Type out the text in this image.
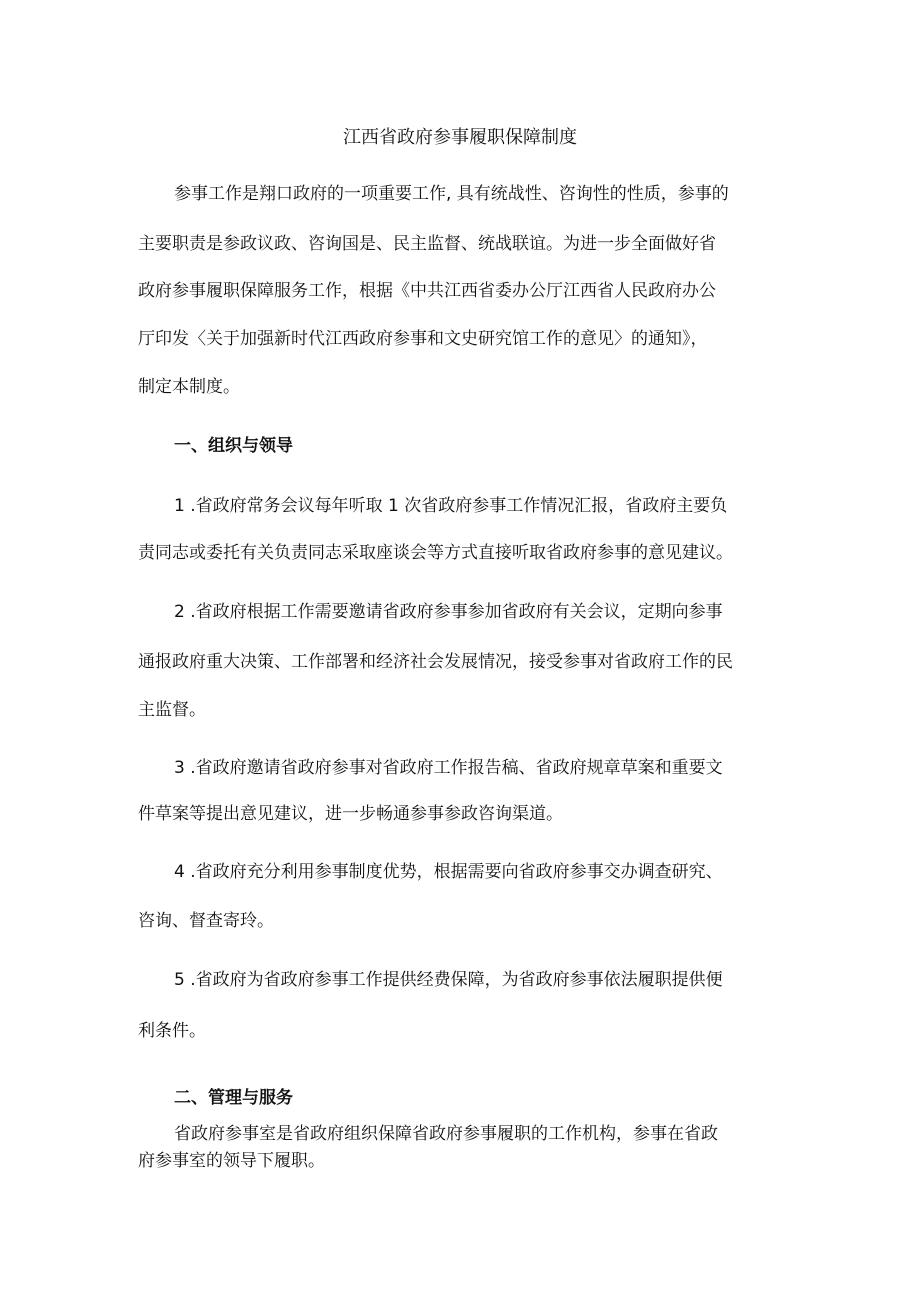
江西省政府参事履职保障制度

参事工作是翔口政府的一项重要工作, 具有统战性、咨询性的性质，参事的

主要职责是参政议政、咨询国是、民主监督、统战联谊。为进一步全面做好省

政府参事履职保障服务工作，根据《中共江西省委办公厅江西省人民政府办公

厅印发〈关于加强新时代江西政府参事和文史研究馆工作的意见〉的通知》，

制定本制度。

一、组织与领导

1 .省政府常务会议每年听取 1 次省政府参事工作情况汇报，省政府主要负

责同志或委托有关负责同志采取座谈会等方式直接听取省政府参事的意见建议。

2 .省政府根据工作需要邀请省政府参事参加省政府有关会议，定期向参事

通报政府重大决策、工作部署和经济社会发展情况，接受参事对省政府工作的民

主监督。

3 .省政府邀请省政府参事对省政府工作报告稿、省政府规章草案和重要文

件草案等提出意见建议，进一步畅通参事参政咨询渠道。

4 .省政府充分利用参事制度优势，根据需要向省政府参事交办调查研究、

咨询、督查寄玲。

5 .省政府为省政府参事工作提供经费保障，为省政府参事依法履职提供便

利条件。

二、管理与服务

省政府参事室是省政府组织保障省政府参事履职的工作机构，参事在省政

府参事室的领导下履职。
